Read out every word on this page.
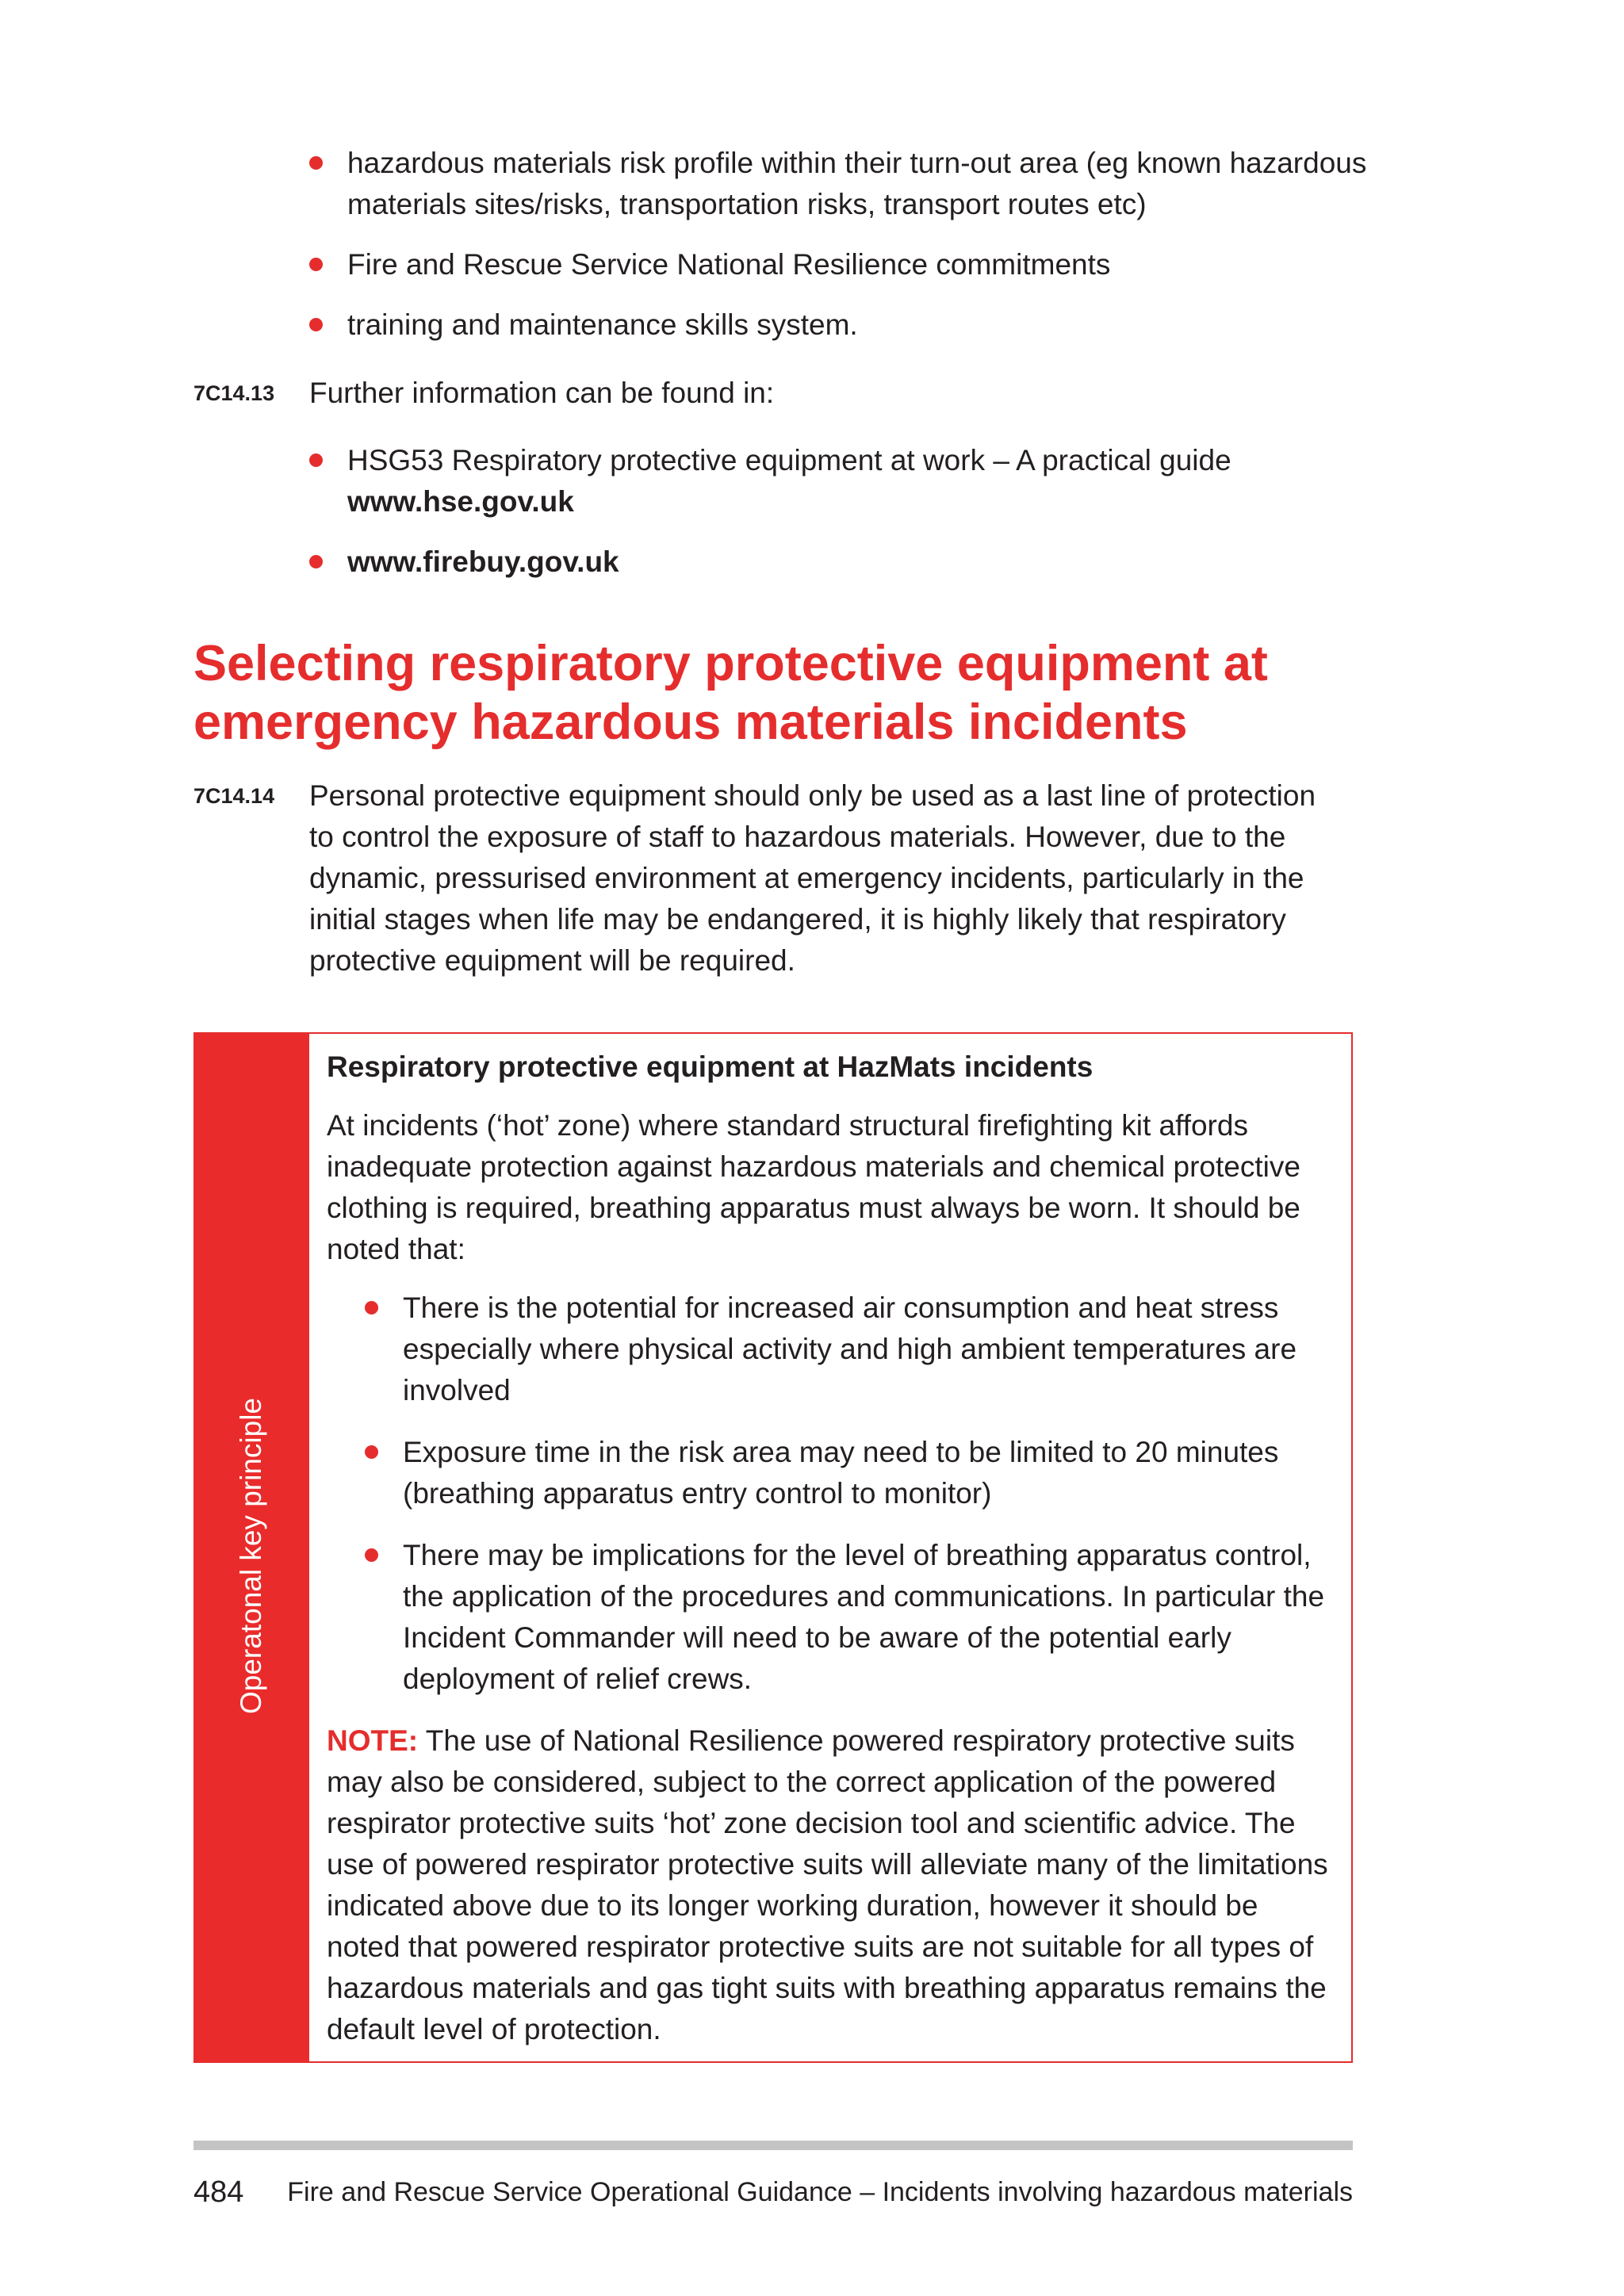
hazardous materials risk profile within their turn-out area (eg known hazardous materials sites/risks, transportation risks, transport routes etc)
Fire and Rescue Service National Resilience commitments
training and maintenance skills system.
7C14.13 Further information can be found in:
HSG53 Respiratory protective equipment at work – A practical guide
www.hse.gov.uk
www.firebuy.gov.uk
Selecting respiratory protective equipment at emergency hazardous materials incidents
7C14.14 Personal protective equipment should only be used as a last line of protection to control the exposure of staff to hazardous materials. However, due to the dynamic, pressurised environment at emergency incidents, particularly in the initial stages when life may be endangered, it is highly likely that respiratory protective equipment will be required.
Respiratory protective equipment at HazMats incidents

At incidents (‘hot’ zone) where standard structural firefighting kit affords inadequate protection against hazardous materials and chemical protective clothing is required, breathing apparatus must always be worn. It should be noted that:

There is the potential for increased air consumption and heat stress especially where physical activity and high ambient temperatures are involved
Exposure time in the risk area may need to be limited to 20 minutes (breathing apparatus entry control to monitor)
There may be implications for the level of breathing apparatus control, the application of the procedures and communications. In particular the Incident Commander will need to be aware of the potential early deployment of relief crews.

NOTE: The use of National Resilience powered respiratory protective suits may also be considered, subject to the correct application of the powered respirator protective suits ‘hot’ zone decision tool and scientific advice. The use of powered respirator protective suits will alleviate many of the limitations indicated above due to its longer working duration, however it should be noted that powered respirator protective suits are not suitable for all types of hazardous materials and gas tight suits with breathing apparatus remains the default level of protection.

Operatonal key principle
484 Fire and Rescue Service Operational Guidance – Incidents involving hazardous materials
